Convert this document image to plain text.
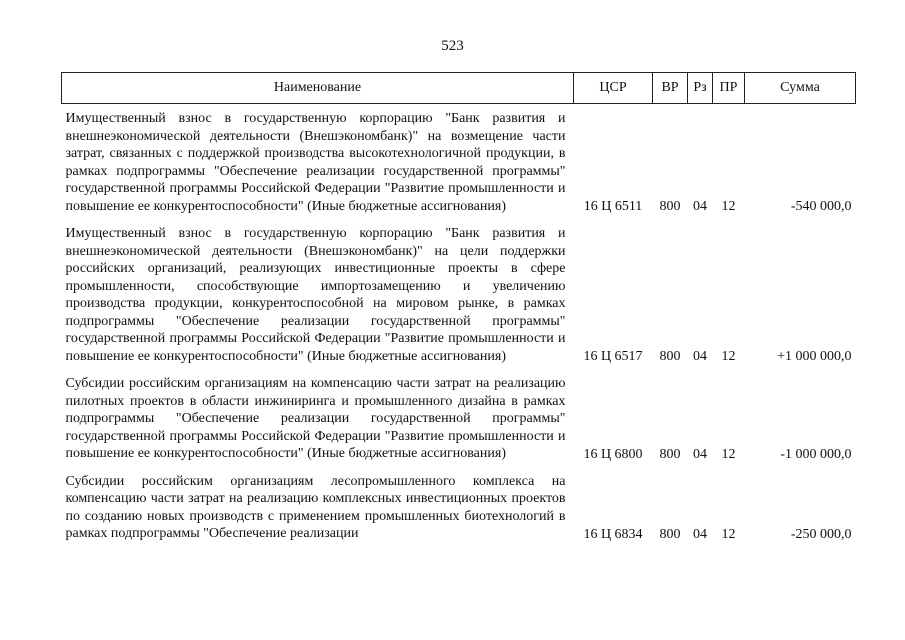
523
Наименование	ЦСР	ВР	Рз	ПР	Сумма
Имущественный взнос в государственную корпорацию "Банк развития и внешнеэкономической деятельности (Внешэкономбанк)" на возмещение части затрат, связанных с поддержкой производства высокотехнологичной продукции, в рамках подпрограммы "Обеспечение реализации государственной программы" государственной программы Российской Федерации "Развитие промышленности и повышение ее конкурентоспособности" (Иные бюджетные ассигнования)	16 Ц 6511	800	04	12	-540 000,0
Имущественный взнос в государственную корпорацию "Банк развития и внешнеэкономической деятельности (Внешэкономбанк)" на цели поддержки российских организаций, реализующих инвестиционные проекты в сфере промышленности, способствующие импортозамещению и увеличению производства продукции, конкурентоспособной на мировом рынке, в рамках подпрограммы "Обеспечение реализации государственной программы" государственной программы Российской Федерации "Развитие промышленности и повышение ее конкурентоспособности" (Иные бюджетные ассигнования)	16 Ц 6517	800	04	12	+1 000 000,0
Субсидии российским организациям на компенсацию части затрат на реализацию пилотных проектов в области инжиниринга и промышленного дизайна в рамках подпрограммы "Обеспечение реализации государственной программы" государственной программы Российской Федерации "Развитие промышленности и повышение ее конкурентоспособности" (Иные бюджетные ассигнования)	16 Ц 6800	800	04	12	-1 000 000,0
Субсидии российским организациям лесопромышленного комплекса на компенсацию части затрат на реализацию комплексных инвестиционных проектов по созданию новых производств с применением промышленных биотехнологий в рамках подпрограммы "Обеспечение реализации	16 Ц 6834	800	04	12	-250 000,0
